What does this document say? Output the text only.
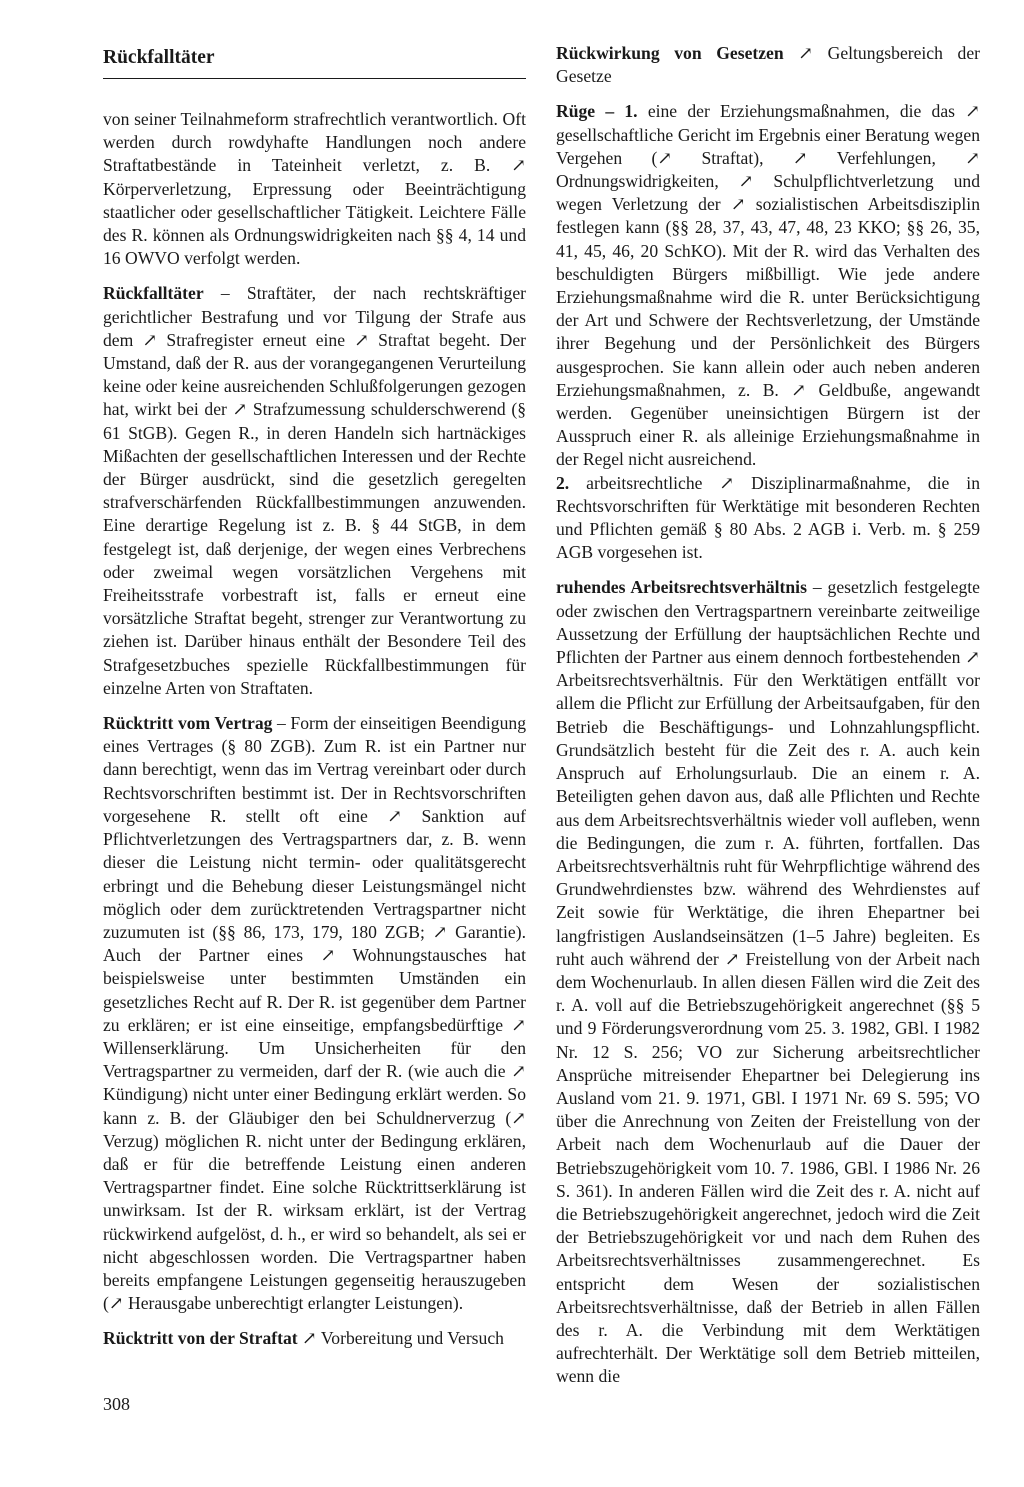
Rückfalltäter

von seiner Teilnahmeform strafrechtlich verantwortlich. Oft werden durch rowdyhafte Handlungen noch andere Straftatbestände in Tateinheit verletzt, z. B. ↗ Körperverletzung, Erpressung oder Beeinträchtigung staatlicher oder gesellschaftlicher Tätigkeit. Leichtere Fälle des R. können als Ordnungswidrigkeiten nach §§ 4, 14 und 16 OWVO verfolgt werden.

Rückfalltäter – Straftäter, der nach rechtskräftiger gerichtlicher Bestrafung und vor Tilgung der Strafe aus dem ↗ Strafregister erneut eine ↗ Straftat begeht. Der Umstand, daß der R. aus der vorangegangenen Verurteilung keine oder keine ausreichenden Schlußfolgerungen gezogen hat, wirkt bei der ↗ Strafzumessung schulderschwerend (§ 61 StGB). Gegen R., in deren Handeln sich hartnäckiges Mißachten der gesellschaftlichen Interessen und der Rechte der Bürger ausdrückt, sind die gesetzlich geregelten strafverschärfenden Rückfallbestimmungen anzuwenden. Eine derartige Regelung ist z. B. § 44 StGB, in dem festgelegt ist, daß derjenige, der wegen eines Verbrechens oder zweimal wegen vorsätzlichen Vergehens mit Freiheitsstrafe vorbestraft ist, falls er erneut eine vorsätzliche Straftat begeht, strenger zur Verantwortung zu ziehen ist. Darüber hinaus enthält der Besondere Teil des Strafgesetzbuches spezielle Rückfallbestimmungen für einzelne Arten von Straftaten.

Rücktritt vom Vertrag – Form der einseitigen Beendigung eines Vertrages (§ 80 ZGB). Zum R. ist ein Partner nur dann berechtigt, wenn das im Vertrag vereinbart oder durch Rechtsvorschriften bestimmt ist. Der in Rechtsvorschriften vorgesehene R. stellt oft eine ↗ Sanktion auf Pflichtverletzungen des Vertragspartners dar, z. B. wenn dieser die Leistung nicht termin- oder qualitätsgerecht erbringt und die Behebung dieser Leistungsmängel nicht möglich oder dem zurücktretenden Vertragspartner nicht zuzumuten ist (§§ 86, 173, 179, 180 ZGB; ↗ Garantie). Auch der Partner eines ↗ Wohnungstausches hat beispielsweise unter bestimmten Umständen ein gesetzliches Recht auf R. Der R. ist gegenüber dem Partner zu erklären; er ist eine einseitige, empfangsbedürftige ↗ Willenserklärung. Um Unsicherheiten für den Vertragspartner zu vermeiden, darf der R. (wie auch die ↗ Kündigung) nicht unter einer Bedingung erklärt werden. So kann z. B. der Gläubiger den bei Schuldnerverzug (↗ Verzug) möglichen R. nicht unter der Bedingung erklären, daß er für die betreffende Leistung einen anderen Vertragspartner findet. Eine solche Rücktrittserklärung ist unwirksam. Ist der R. wirksam erklärt, ist der Vertrag rückwirkend aufgelöst, d. h., er wird so behandelt, als sei er nicht abgeschlossen worden. Die Vertragspartner haben bereits empfangene Leistungen gegenseitig herauszugeben (↗ Herausgabe unberechtigt erlangter Leistungen).

Rücktritt von der Straftat ↗ Vorbereitung und Versuch

Rückwirkung von Gesetzen ↗ Geltungsbereich der Gesetze

Rüge – 1. eine der Erziehungsmaßnahmen, die das ↗ gesellschaftliche Gericht im Ergebnis einer Beratung wegen Vergehen (↗ Straftat), ↗ Verfehlungen, ↗ Ordnungswidrigkeiten, ↗ Schulpflichtverletzung und wegen Verletzung der ↗ sozialistischen Arbeitsdisziplin festlegen kann (§§ 28, 37, 43, 47, 48, 23 KKO; §§ 26, 35, 41, 45, 46, 20 SchKO). Mit der R. wird das Verhalten des beschuldigten Bürgers mißbilligt. Wie jede andere Erziehungsmaßnahme wird die R. unter Berücksichtigung der Art und Schwere der Rechtsverletzung, der Umstände ihrer Begehung und der Persönlichkeit des Bürgers ausgesprochen. Sie kann allein oder auch neben anderen Erziehungsmaßnahmen, z. B. ↗ Geldbuße, angewandt werden. Gegenüber uneinsichtigen Bürgern ist der Ausspruch einer R. als alleinige Erziehungsmaßnahme in der Regel nicht ausreichend.

2. arbeitsrechtliche ↗ Disziplinarmaßnahme, die in Rechtsvorschriften für Werktätige mit besonderen Rechten und Pflichten gemäß § 80 Abs. 2 AGB i. Verb. m. § 259 AGB vorgesehen ist.

ruhendes Arbeitsrechtsverhältnis – gesetzlich festgelegte oder zwischen den Vertragspartnern vereinbarte zeitweilige Aussetzung der Erfüllung der hauptsächlichen Rechte und Pflichten der Partner aus einem dennoch fortbestehenden ↗ Arbeitsrechtsverhältnis. Für den Werktätigen entfällt vor allem die Pflicht zur Erfüllung der Arbeitsaufgaben, für den Betrieb die Beschäftigungs- und Lohnzahlungspflicht. Grundsätzlich besteht für die Zeit des r. A. auch kein Anspruch auf Erholungsurlaub. Die an einem r. A. Beteiligten gehen davon aus, daß alle Pflichten und Rechte aus dem Arbeitsrechtsverhältnis wieder voll aufleben, wenn die Bedingungen, die zum r. A. führten, fortfallen. Das Arbeitsrechtsverhältnis ruht für Wehrpflichtige während des Grundwehrdienstes bzw. während des Wehrdienstes auf Zeit sowie für Werktätige, die ihren Ehepartner bei langfristigen Auslandseinsätzen (1–5 Jahre) begleiten. Es ruht auch während der ↗ Freistellung von der Arbeit nach dem Wochenurlaub. In allen diesen Fällen wird die Zeit des r. A. voll auf die Betriebszugehörigkeit angerechnet (§§ 5 und 9 Förderungsverordnung vom 25. 3. 1982, GBl. I 1982 Nr. 12 S. 256; VO zur Sicherung arbeitsrechtlicher Ansprüche mitreisender Ehepartner bei Delegierung ins Ausland vom 21. 9. 1971, GBl. I 1971 Nr. 69 S. 595; VO über die Anrechnung von Zeiten der Freistellung von der Arbeit nach dem Wochenurlaub auf die Dauer der Betriebszugehörigkeit vom 10. 7. 1986, GBl. I 1986 Nr. 26 S. 361). In anderen Fällen wird die Zeit des r. A. nicht auf die Betriebszugehörigkeit angerechnet, jedoch wird die Zeit der Betriebszugehörigkeit vor und nach dem Ruhen des Arbeitsrechtsverhältnisses zusammengerechnet. Es entspricht dem Wesen der sozialistischen Arbeitsrechtsverhältnisse, daß der Betrieb in allen Fällen des r. A. die Verbindung mit dem Werktätigen aufrechterhält. Der Werktätige soll dem Betrieb mitteilen, wenn die

308
